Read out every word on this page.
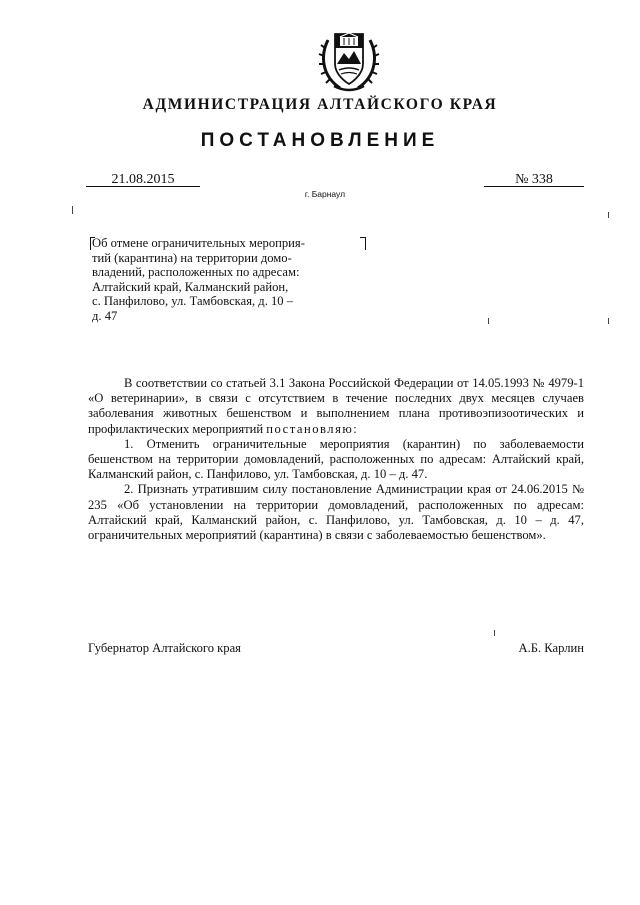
АДМИНИСТРАЦИЯ АЛТАЙСКОГО КРАЯ
ПОСТАНОВЛЕНИЕ
21.08.2015	№ 338
г. Барнаул
Об отмене ограничительных мероприя-
тий (карантина) на территории домо-
владений, расположенных по адресам:
Алтайский край, Калманский район,
с. Панфилово, ул. Тамбовская, д. 10 –
д. 47

В соответствии со статьей 3.1 Закона Российской Федерации от 14.05.1993 № 4979-1 «О ветеринарии», в связи с отсутствием в течение последних двух месяцев случаев заболевания животных бешенством и выполнением плана противоэпизоотических и профилактических мероприятий постановляю:

1. Отменить ограничительные мероприятия (карантин) по заболеваемости бешенством на территории домовладений, расположенных по адресам: Алтайский край, Калманский район, с. Панфилово, ул. Тамбовская, д. 10 – д. 47.

2. Признать утратившим силу постановление Администрации края от 24.06.2015 № 235 «Об установлении на территории домовладений, расположенных по адресам: Алтайский край, Калманский район, с. Панфилово, ул. Тамбовская, д. 10 – д. 47, ограничительных мероприятий (карантина) в связи с заболеваемостью бешенством».

Губернатор Алтайского края	А.Б. Карлин
